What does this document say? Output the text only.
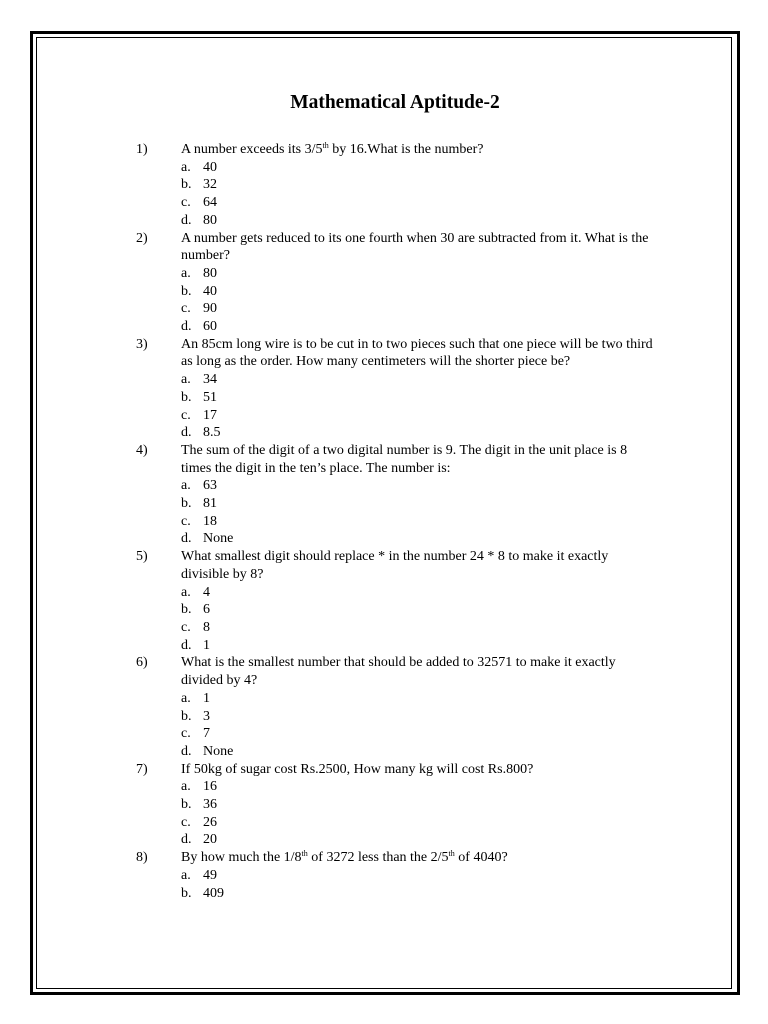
Mathematical Aptitude-2
1) A number exceeds its 3/5th by 16.What is the number?
a. 40
b. 32
c. 64
d. 80
2) A number gets reduced to its one fourth when 30 are subtracted from it. What is the number?
a. 80
b. 40
c. 90
d. 60
3) An 85cm long wire is to be cut in to two pieces such that one piece will be two third as long as the order. How many centimeters will the shorter piece be?
a. 34
b. 51
c. 17
d. 8.5
4) The sum of the digit of a two digital number is 9. The digit in the unit place is 8 times the digit in the ten’s place. The number is:
a. 63
b. 81
c. 18
d. None
5) What smallest digit should replace * in the number 24 * 8 to make it exactly divisible by 8?
a. 4
b. 6
c. 8
d. 1
6) What is the smallest number that should be added to 32571 to make it exactly divided by 4?
a. 1
b. 3
c. 7
d. None
7) If 50kg of sugar cost Rs.2500, How many kg will cost Rs.800?
a. 16
b. 36
c. 26
d. 20
8) By how much the 1/8th of 3272 less than the 2/5th of 4040?
a. 49
b. 409
